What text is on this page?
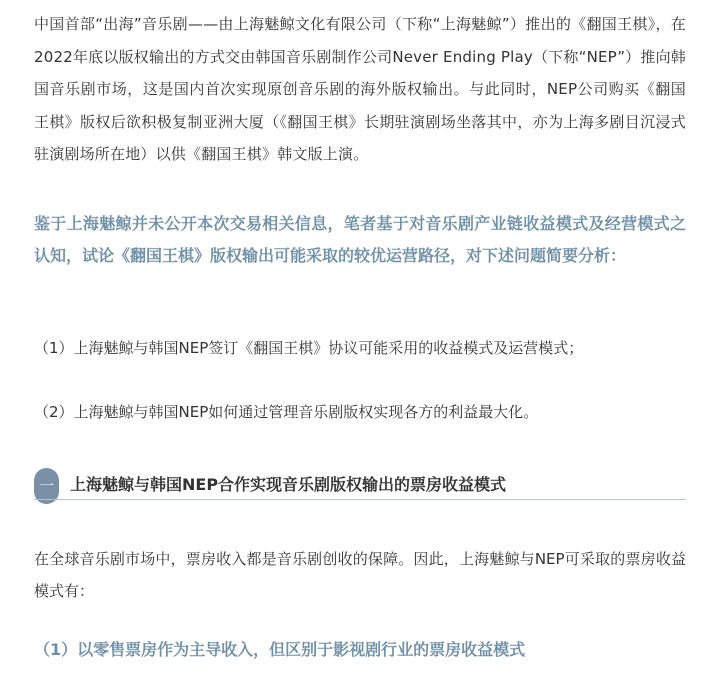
中国首部“出海”音乐剧——由上海魅鲸文化有限公司（下称“上海魅鲸”）推出的《翻国王棋》，在2022年底以版权输出的方式交由韩国音乐剧制作公司Never Ending Play（下称“NEP”）推向韩国音乐剧市场，这是国内首次实现原创音乐剧的海外版权输出。与此同时，NEP公司购买《翻国王棋》版权后欲积极复制亚洲大厦（《翻国王棋》长期驻演剧场坐落其中，亦为上海多剧目沉浸式驻演剧场所在地）以供《翻国王棋》韩文版上演。
鉴于上海魅鲸并未公开本次交易相关信息，笔者基于对音乐剧产业链收益模式及经营模式之认知，试论《翻国王棋》版权输出可能采取的较优运营路径，对下述问题简要分析：
（1）上海魅鲸与韩国NEP签订《翻国王棋》协议可能采用的收益模式及运营模式；
（2）上海魅鲸与韩国NEP如何通过管理音乐剧版权实现各方的利益最大化。
一	上海魅鲸与韩国NEP合作实现音乐剧版权输出的票房收益模式
在全球音乐剧市场中，票房收入都是音乐剧创收的保障。因此，上海魅鲸与NEP可采取的票房收益模式有：
（1）以零售票房作为主导收入，但区别于影视剧行业的票房收益模式
